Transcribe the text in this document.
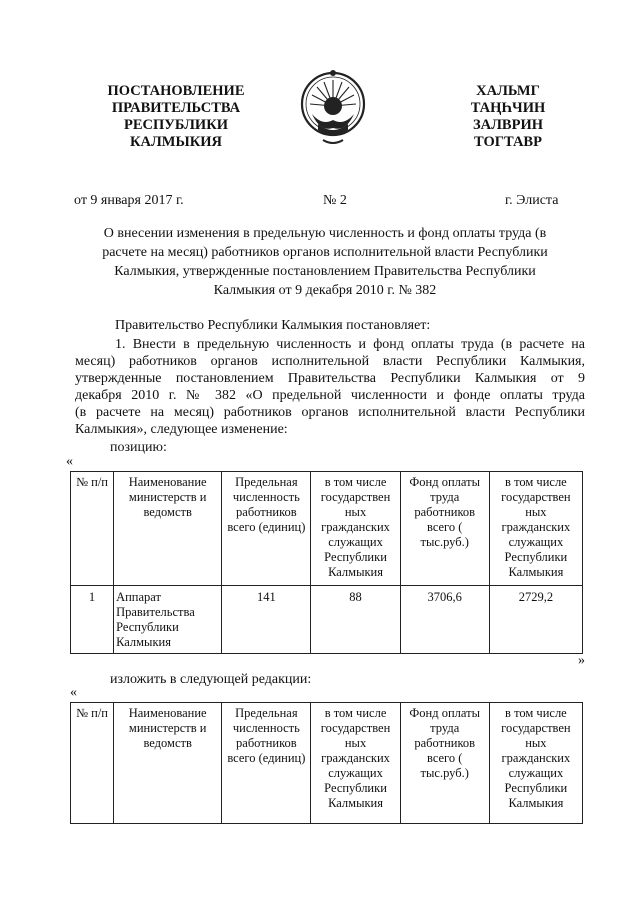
ПОСТАНОВЛЕНИЕ
ПРАВИТЕЛЬСТВА
РЕСПУБЛИКИ
КАЛМЫКИЯ
ХАЛЬМГ
ТАҢҺЧИН
ЗАЛВРИН
ТОГТАВР
от 9 января 2017 г.	№ 2	г. Элиста
О внесении изменения в предельную численность и фонд оплаты труда (в
расчете на месяц) работников органов исполнительной власти Республики
Калмыкия, утвержденные постановлением Правительства Республики
Калмыкия от 9 декабря 2010 г. № 382
Правительство Республики Калмыкия постановляет:
1. Внести в предельную численность и фонд оплаты труда (в расчете на
месяц) работников органов исполнительной власти Республики Калмыкия,
утвержденные постановлением Правительства Республики Калмыкия от 9
декабря 2010 г. № 382 «О предельной численности и фонде оплаты труда
(в расчете на месяц) работников органов исполнительной власти Республики
Калмыкия», следующее изменение:
позицию:
«
№ п/п	Наименование министерств и ведомств	Предельная численность работников всего (единиц)	в том числе государствен ных гражданских служащих Республики Калмыкия	Фонд оплаты труда работников всего ( тыс.руб.)	в том числе государствен ных гражданских служащих Республики Калмыкия
1	Аппарат Правительства Республики Калмыкия	141	88	3706,6	2729,2
»
изложить в следующей редакции:
«
№ п/п	Наименование министерств и ведомств	Предельная численность работников всего (единиц)	в том числе государствен ных гражданских служащих Республики Калмыкия	Фонд оплаты труда работников всего ( тыс.руб.)	в том числе государствен ных гражданских служащих Республики Калмыкия
